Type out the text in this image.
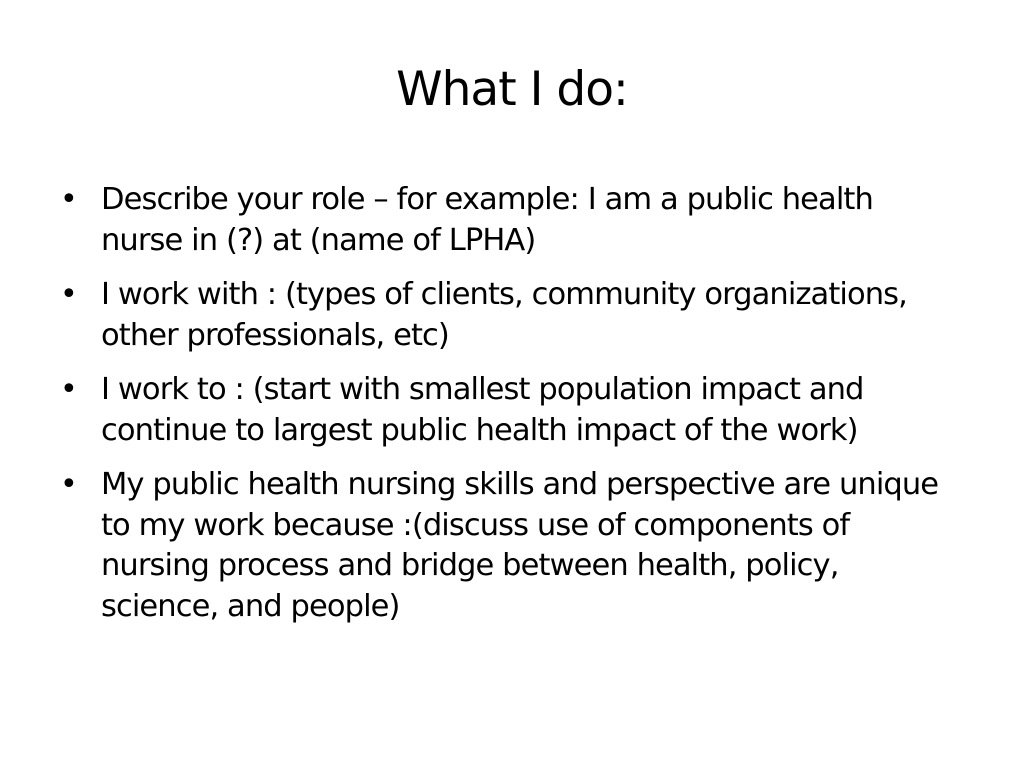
What I do:
• Describe your role – for example: I am a public health nurse in (?) at (name of LPHA)
• I work with : (types of clients, community organizations, other professionals, etc)
• I work to : (start with smallest population impact and continue to largest public health impact of the work)
• My public health nursing skills and perspective are unique to my work because :(discuss use of components of nursing process and bridge between health, policy, science, and people)
